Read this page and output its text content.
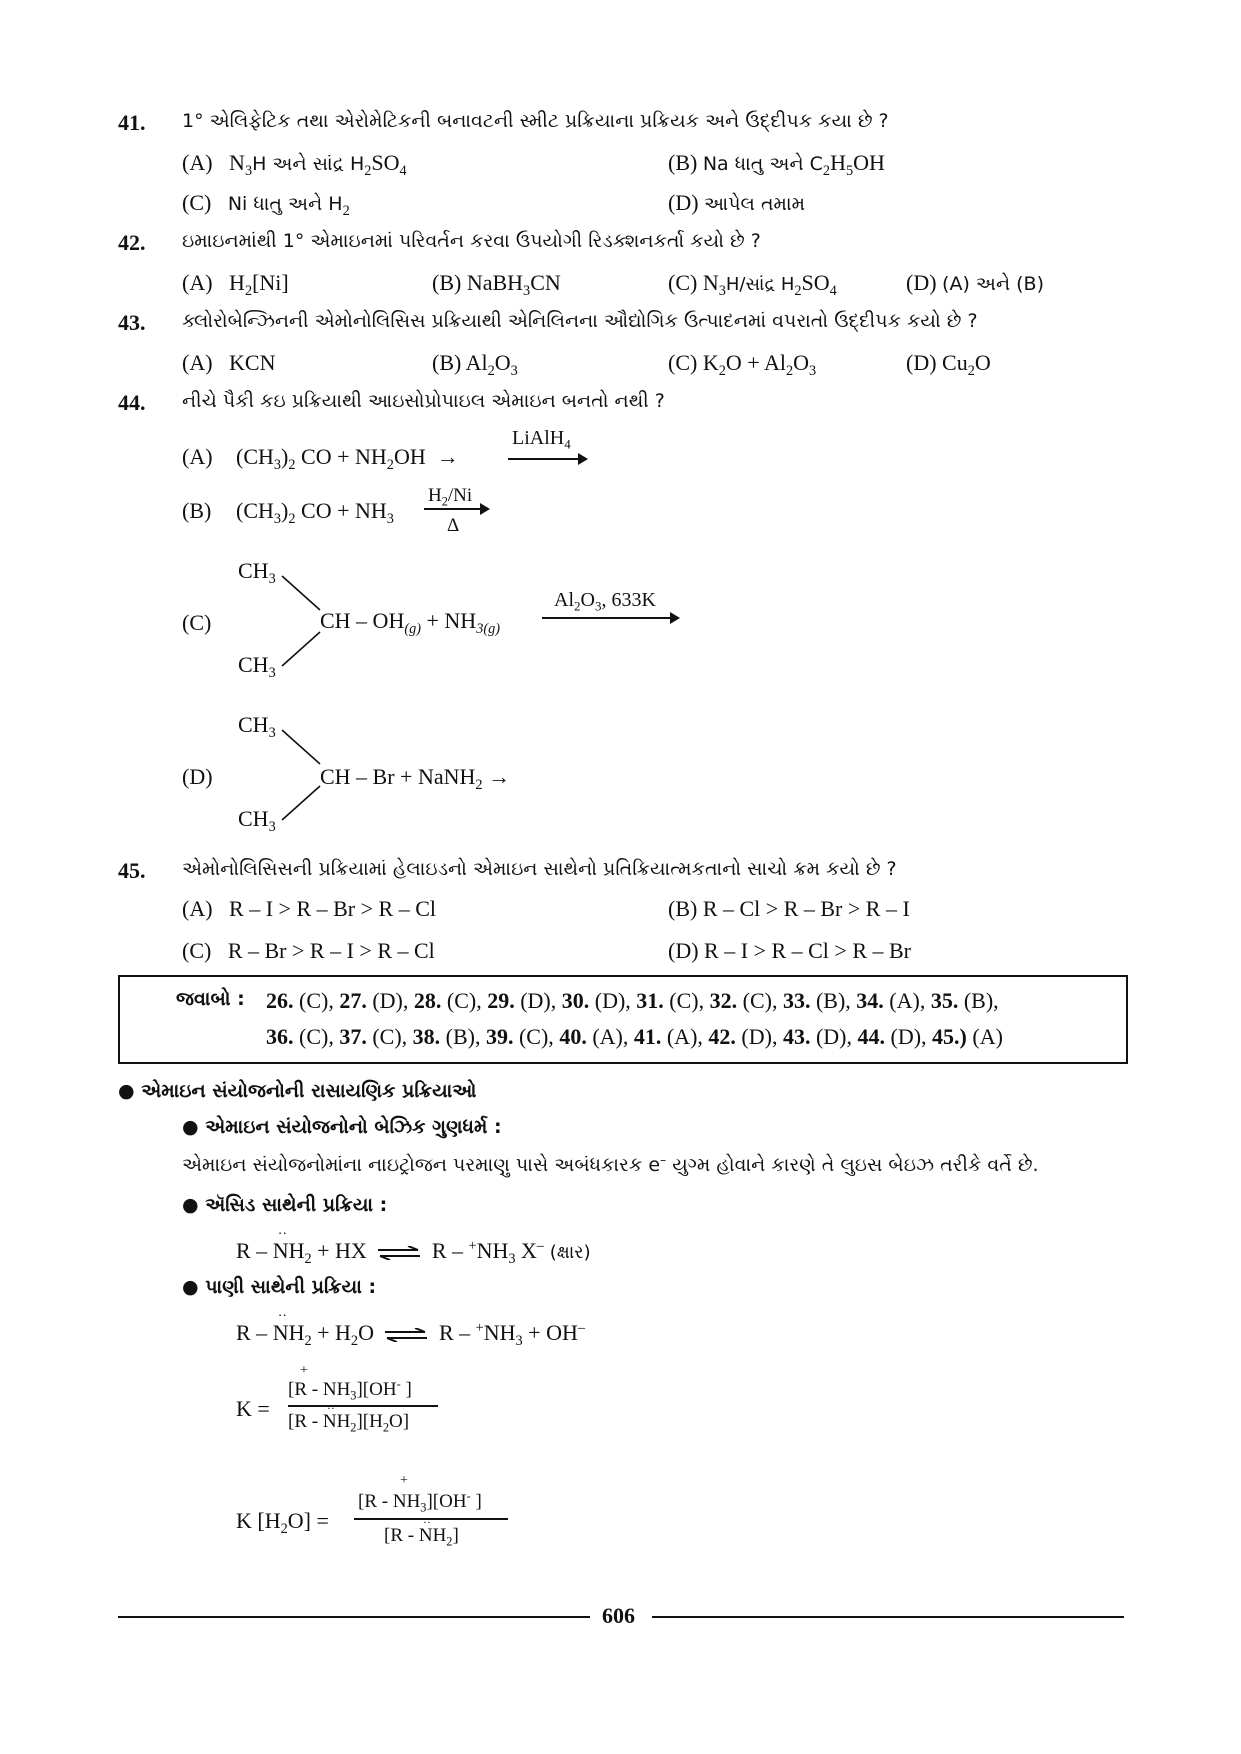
41. 1° એલિફેટિક તથા એરોમેટિકની બનાવટની સ્મીટ પ્રક્રિયાના પ્રક્રિયક અને ઉદ્દીપક કયા છે ?
(A) $N_3H$ અને સાંદ્ર $H_2SO_4$	(B) Na ધાતુ અને $C_2H_5OH$
(C) Ni ધાતુ અને $H_2$	(D) આપેલ તમામ
42. ઇમાઇનમાંથી 1° એમાઇનમાં પરિવર્તન કરવા ઉપયોગી રિડક્શનકર્તા કયો છે ?
(A) $H_2[Ni]$	(B) NaBH$_3$CN	(C) $N_3H/સાંદ્ર$ $H_2SO_4$	(D) (A) અને (B)
43. ક્લોરોબેન્ઝિનની એમોનોલિસિસ પ્રક્રિયાથી એનિલિનના ઔદ્યોગિક ઉત્પાદનમાં વપરાતો ઉદ્દીપક કયો છે ?
(A) KCN	(B) $Al_2O_3$	(C) $K_2O + Al_2O_3$	(D) $Cu_2O$
44. નીચે પૈકી કઇ પ્રક્રિયાથી આઇસોપ્રોપાઇલ એમાઇન બનતો નથી ?
(A) $(CH_3)_2$ CO + $NH_2OH$  →
LiAlH$_4$
(B) $(CH_3)_2$ CO + $NH_3$
$H_2/Ni$
Δ
$CH_3$
(C)	CH – $OH_{(g)} + NH_{3(g)}$
$CH_3$
$Al_2O_3$, 633K
$CH_3$
(D)	CH – Br + NaNH$_2$ →
$CH_3$
45. એમોનોલિસિસની પ્રક્રિયામાં હેલાઇડનો એમાઇન સાથેનો પ્રતિક્રિયાત્મકતાનો સાચો ક્રમ કયો છે ?
(A) R – I > R – Br > R – Cl	(B) R – Cl > R – Br > R – I
(C) R – Br > R – I > R – Cl	(D) R – I > R – Cl > R – Br
જવાબો : 26. (C), 27. (D), 28. (C), 29. (D), 30. (D), 31. (C), 32. (C), 33. (B), 34. (A), 35. (B),
36. (C), 37. (C), 38. (B), 39. (C), 40. (A), 41. (A), 42. (D), 43. (D), 44. (D), 45.) (A)
● એમાઇન સંયોજનોની રાસાયણિક પ્રક્રિયાઓ
● એમાઇન સંયોજનોનો બેઝિક ગુણધર્મ :
એમાઇન સંયોજનોમાંના નાઇટ્રોજન પરમાણુ પાસે અબંધકારક e– યુગ્મ હોવાને કારણે તે લુઇસ બેઇઝ તરીકે વર્તે છે.
● ઍસિડ સાથેની પ્રક્રિયા :
R – N
··
$H_2$ + HX ⇌ R – $^+NH_3$ X– (ક્ષાર)
● પાણી સાથેની પ્રક્રિયા :
R – N
··
$H_2 + H_2O$ ⇌ $R - ^+NH_3 + OH^-$
K =
+
$[R - NH_3][OH^-$ ]
[R - N
··
$H_2][H_2O]$
K $[H_2O]$ =
+
$[R - NH_3][OH^-$ ]
[R - N
··
$H_2$]
606
